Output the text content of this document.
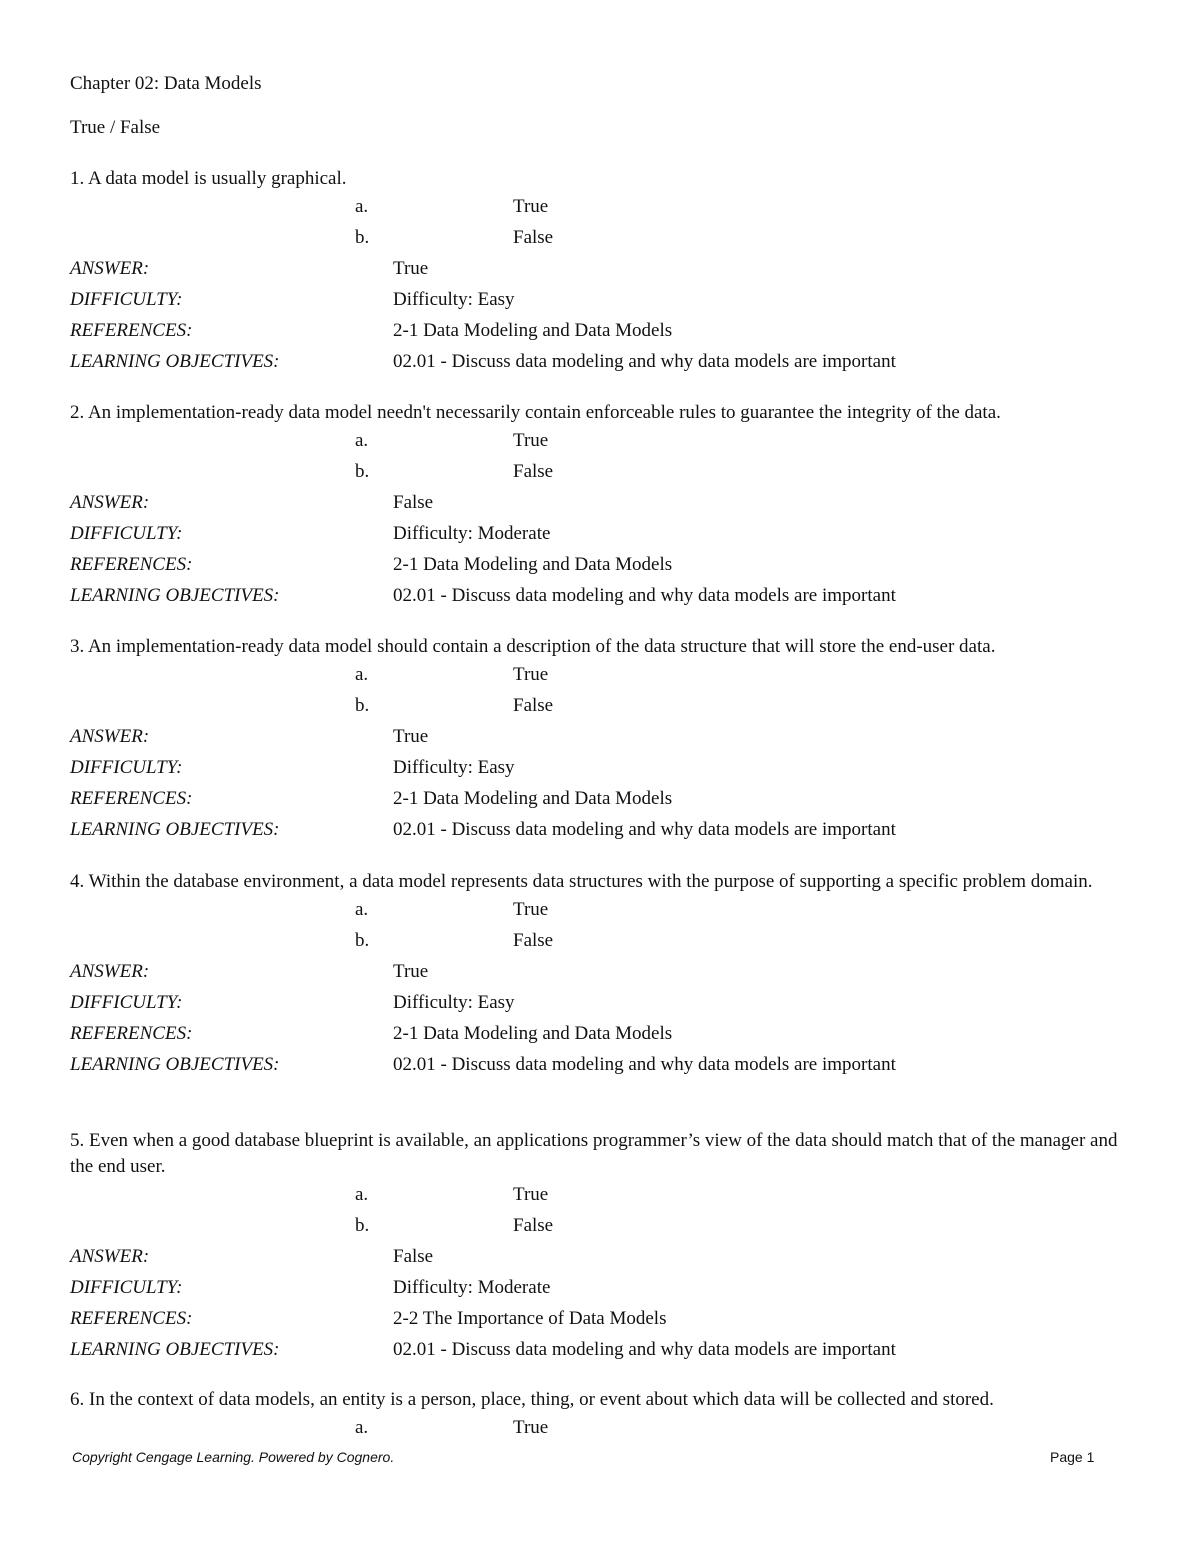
Chapter 02: Data Models
True / False
1. A data model is usually graphical.
a.	True
b.	False
ANSWER:	True
DIFFICULTY:	Difficulty: Easy
REFERENCES:	2-1 Data Modeling and Data Models
LEARNING OBJECTIVES:	02.01 - Discuss data modeling and why data models are important
2. An implementation-ready data model needn't necessarily contain enforceable rules to guarantee the integrity of the data.
a.	True
b.	False
ANSWER:	False
DIFFICULTY:	Difficulty: Moderate
REFERENCES:	2-1 Data Modeling and Data Models
LEARNING OBJECTIVES:	02.01 - Discuss data modeling and why data models are important
3. An implementation-ready data model should contain a description of the data structure that will store the end-user data.
a.	True
b.	False
ANSWER:	True
DIFFICULTY:	Difficulty: Easy
REFERENCES:	2-1 Data Modeling and Data Models
LEARNING OBJECTIVES:	02.01 - Discuss data modeling and why data models are important
4. Within the database environment, a data model represents data structures with the purpose of supporting a specific problem domain.
a.	True
b.	False
ANSWER:	True
DIFFICULTY:	Difficulty: Easy
REFERENCES:	2-1 Data Modeling and Data Models
LEARNING OBJECTIVES:	02.01 - Discuss data modeling and why data models are important
5. Even when a good database blueprint is available, an applications programmer’s view of the data should match that of the manager and the end user.
a.	True
b.	False
ANSWER:	False
DIFFICULTY:	Difficulty: Moderate
REFERENCES:	2-2 The Importance of Data Models
LEARNING OBJECTIVES:	02.01 - Discuss data modeling and why data models are important
6. In the context of data models, an entity is a person, place, thing, or event about which data will be collected and stored.
a.	True
Copyright Cengage Learning. Powered by Cognero.	Page 1
